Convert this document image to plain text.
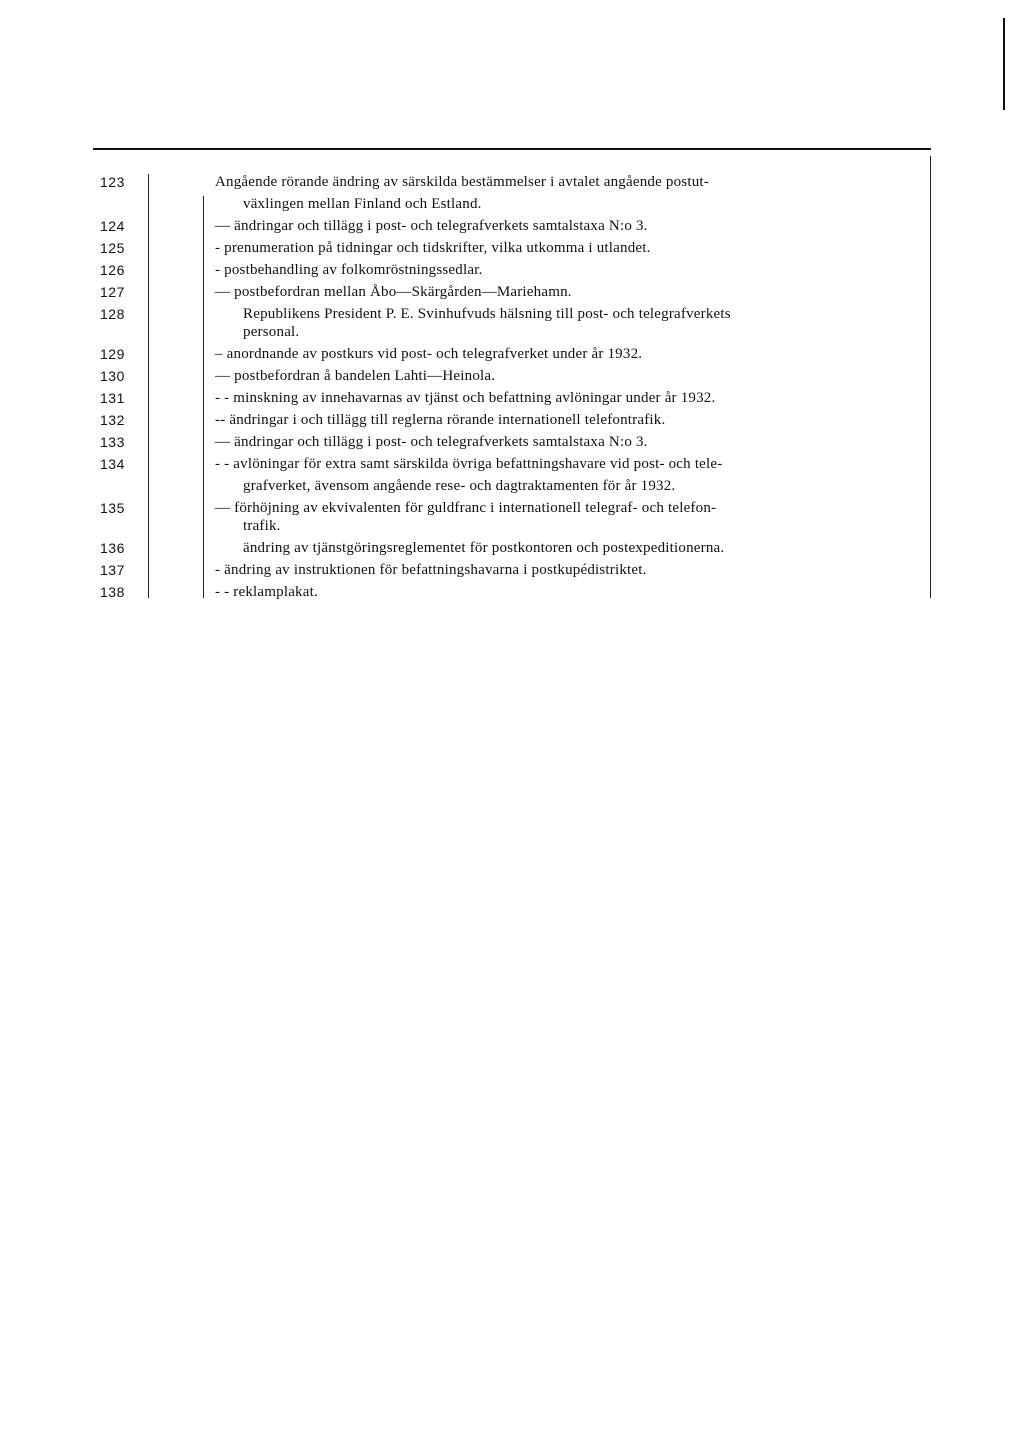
123	Angående rörande ändring av särskilda bestämmelser i avtalet angående postut-
växlingen mellan Finland och Estland.
124	— ändringar och tillägg i post- och telegrafverkets samtalstaxa N:o 3.
125	- prenumeration på tidningar och tidskrifter, vilka utkomma i utlandet.
126	- postbehandling av folkomröstningssedlar.
127	— postbefordran mellan Åbo—Skärgården—Mariehamn.
128	Republikens President P. E. Svinhufvuds hälsning till post- och telegrafverkets
personal.
129	– anordnande av postkurs vid post- och telegrafverket under år 1932.
130	— postbefordran å bandelen Lahti—Heinola.
131	- - minskning av innehavarnas av tjänst och befattning avlöningar under år 1932.
132	-- ändringar i och tillägg till reglerna rörande internationell telefontrafik.
133	— ändringar och tillägg i post- och telegrafverkets samtalstaxa N:o 3.
134	- - avlöningar för extra samt särskilda övriga befattningshavare vid post- och tele-
grafverket, ävensom angående rese- och dagtraktamenten för år 1932.
135	— förhöjning av ekvivalenten för guldfranc i internationell telegraf- och telefon-
trafik.
136	ändring av tjänstgöringsreglementet för postkontoren och postexpeditionerna.
137	- ändring av instruktionen för befattningshavarna i postkupédistriktet.
138	- - reklamplakat.
